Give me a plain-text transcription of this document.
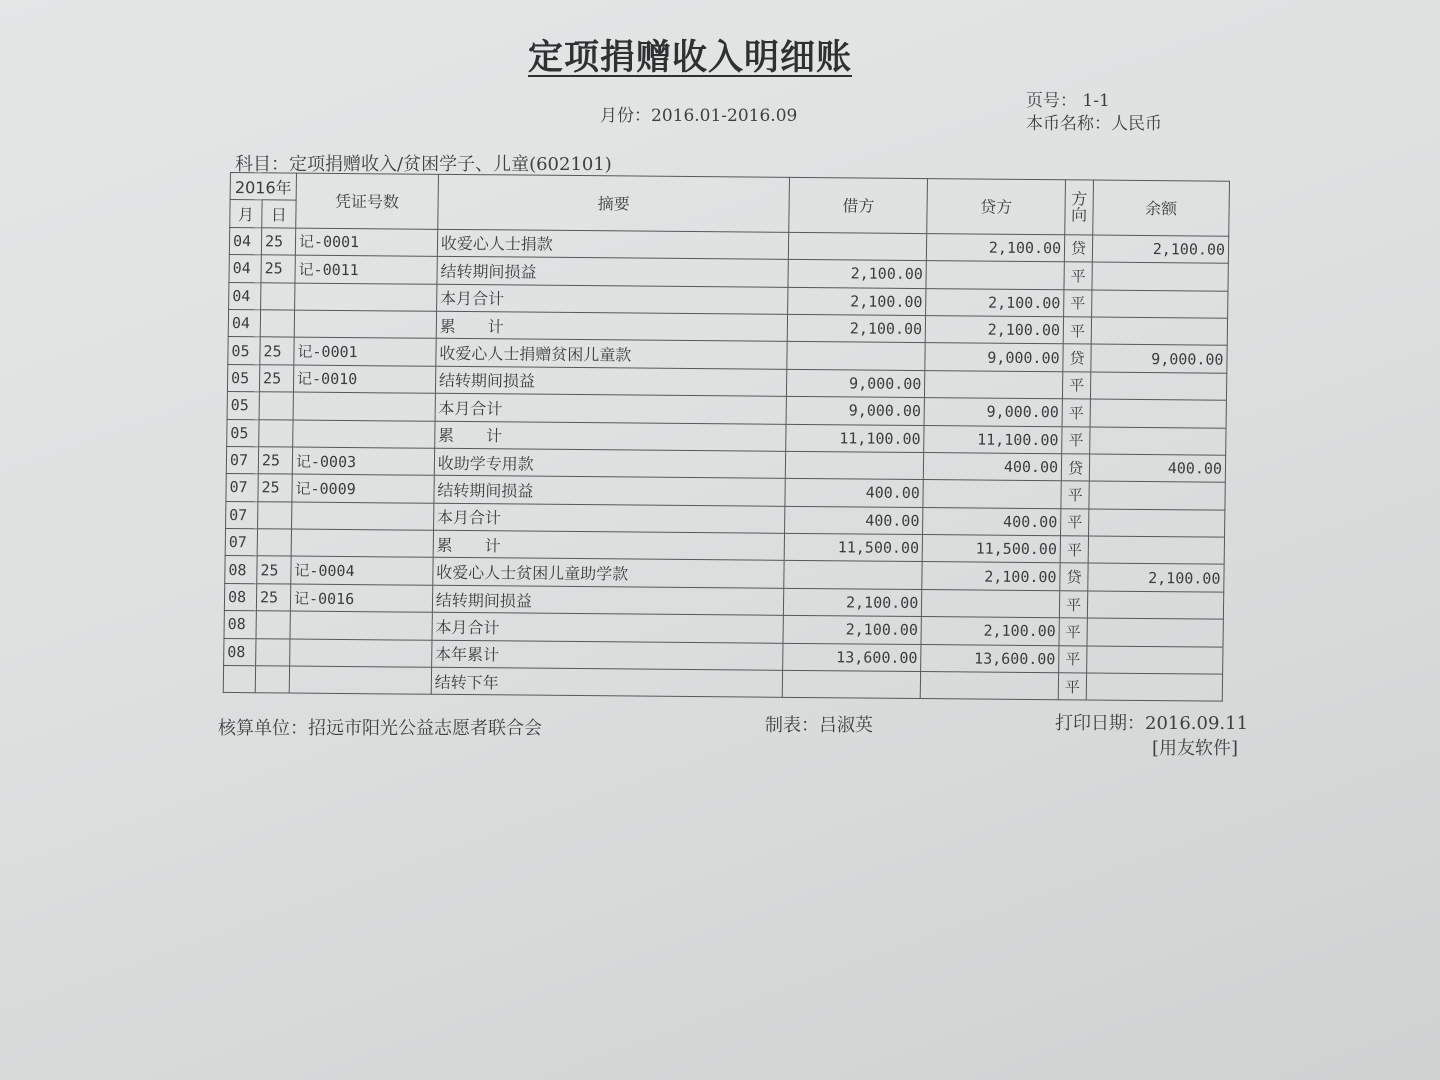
定项捐赠收入明细账
月份：2016.01-2016.09
页号： 1-1
本币名称：人民币
科目：定项捐赠收入/贫困学子、儿童(602101)
2016年		凭证号数	摘要	借方	贷方	方向	余额
月	日						
04	25	记-0001	收爱心人士捐款		2,100.00	贷	2,100.00
04	25	记-0011	结转期间损益	2,100.00		平	
04			本月合计	2,100.00	2,100.00	平	
04			累　　计	2,100.00	2,100.00	平	
05	25	记-0001	收爱心人士捐赠贫困儿童款		9,000.00	贷	9,000.00
05	25	记-0010	结转期间损益	9,000.00		平	
05			本月合计	9,000.00	9,000.00	平	
05			累　　计	11,100.00	11,100.00	平	
07	25	记-0003	收助学专用款		400.00	贷	400.00
07	25	记-0009	结转期间损益	400.00		平	
07			本月合计	400.00	400.00	平	
07			累　　计	11,500.00	11,500.00	平	
08	25	记-0004	收爱心人士贫困儿童助学款		2,100.00	贷	2,100.00
08	25	记-0016	结转期间损益	2,100.00		平	
08			本月合计	2,100.00	2,100.00	平	
08			本年累计	13,600.00	13,600.00	平	
			结转下年			平	
核算单位：招远市阳光公益志愿者联合会	制表：吕淑英	打印日期：2016.09.11
[用友软件]
